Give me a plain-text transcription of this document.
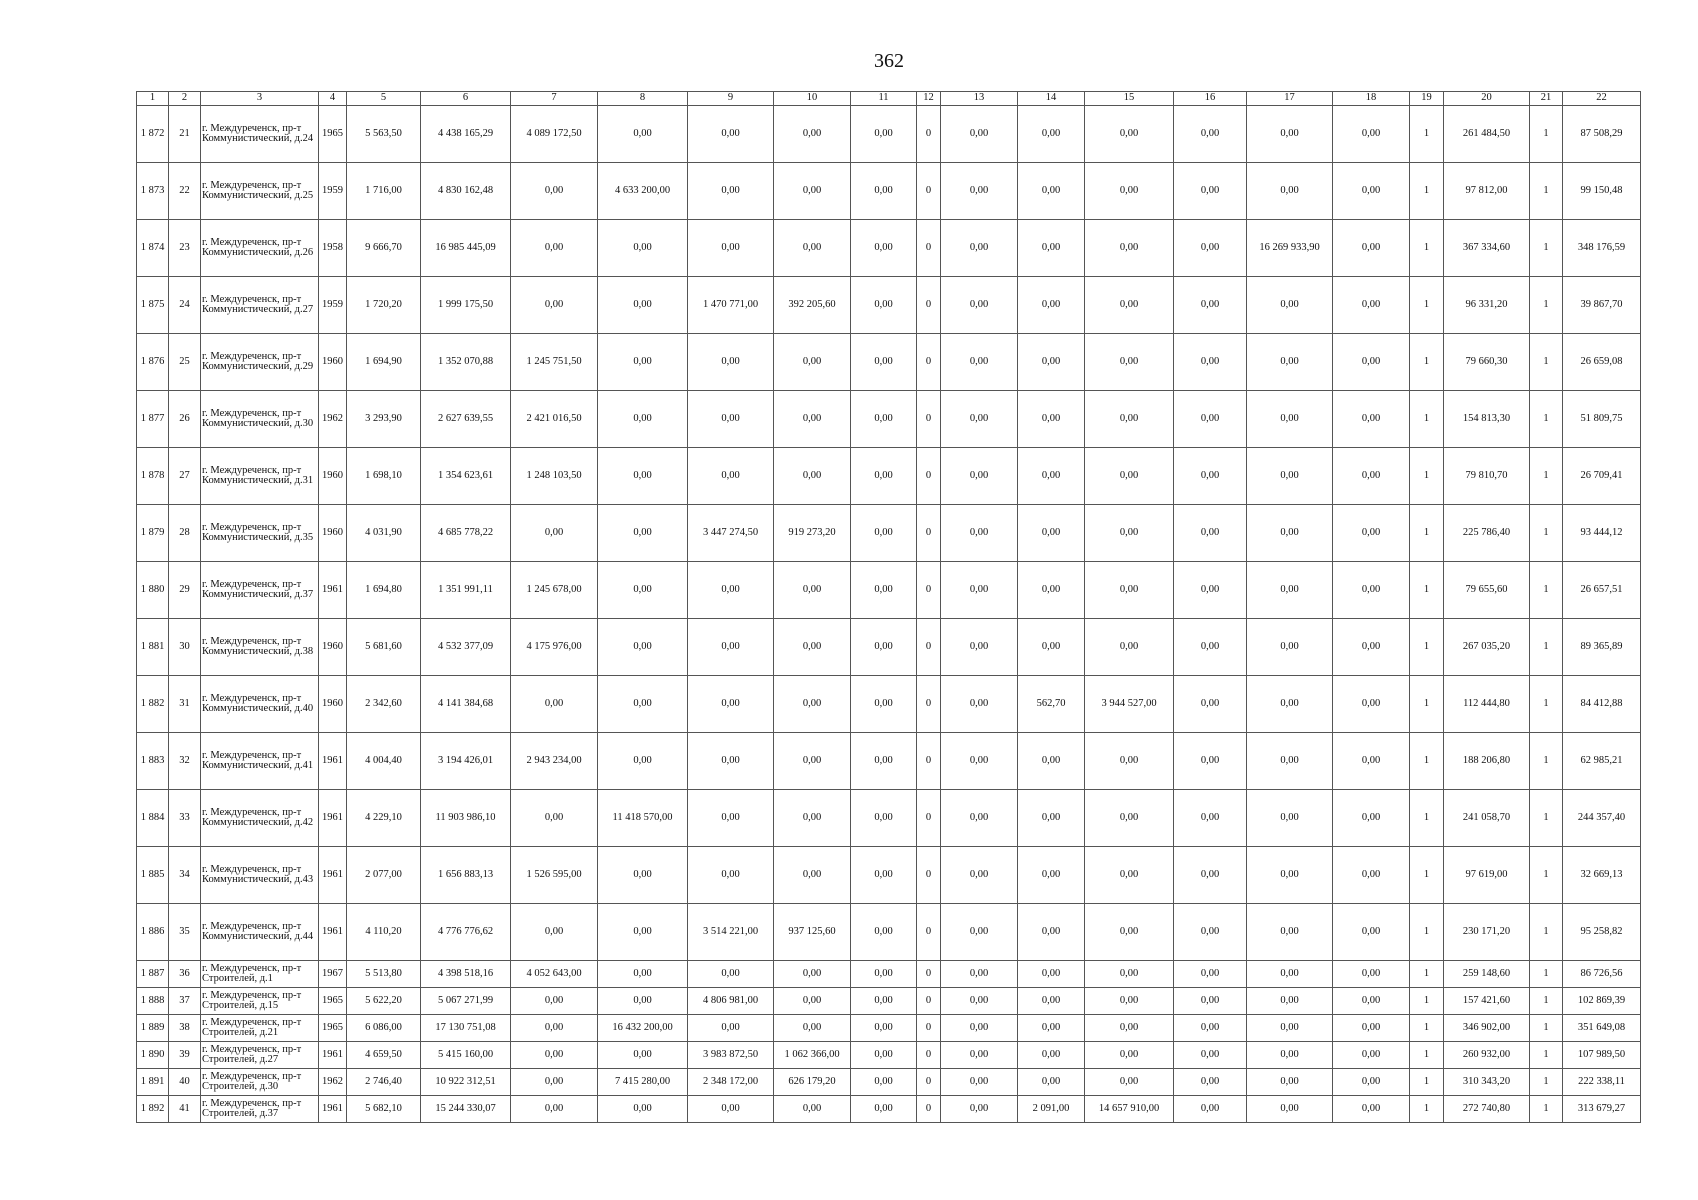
362
1	2	3	4	5	6	7	8	9	10	11	12	13	14	15	16	17	18	19	20	21	22
1 872	21	г. Междуреченск, пр-т Коммунистический, д.24	1965	5 563,50	4 438 165,29	4 089 172,50	0,00	0,00	0,00	0,00	0	0,00	0,00	0,00	0,00	0,00	0,00	1	261 484,50	1	87 508,29
1 873	22	г. Междуреченск, пр-т Коммунистический, д.25	1959	1 716,00	4 830 162,48	0,00	4 633 200,00	0,00	0,00	0,00	0	0,00	0,00	0,00	0,00	0,00	0,00	1	97 812,00	1	99 150,48
1 874	23	г. Междуреченск, пр-т Коммунистический, д.26	1958	9 666,70	16 985 445,09	0,00	0,00	0,00	0,00	0,00	0	0,00	0,00	0,00	0,00	16 269 933,90	0,00	1	367 334,60	1	348 176,59
1 875	24	г. Междуреченск, пр-т Коммунистический, д.27	1959	1 720,20	1 999 175,50	0,00	0,00	1 470 771,00	392 205,60	0,00	0	0,00	0,00	0,00	0,00	0,00	0,00	1	96 331,20	1	39 867,70
1 876	25	г. Междуреченск, пр-т Коммунистический, д.29	1960	1 694,90	1 352 070,88	1 245 751,50	0,00	0,00	0,00	0,00	0	0,00	0,00	0,00	0,00	0,00	0,00	1	79 660,30	1	26 659,08
1 877	26	г. Междуреченск, пр-т Коммунистический, д.30	1962	3 293,90	2 627 639,55	2 421 016,50	0,00	0,00	0,00	0,00	0	0,00	0,00	0,00	0,00	0,00	0,00	1	154 813,30	1	51 809,75
1 878	27	г. Междуреченск, пр-т Коммунистический, д.31	1960	1 698,10	1 354 623,61	1 248 103,50	0,00	0,00	0,00	0,00	0	0,00	0,00	0,00	0,00	0,00	0,00	1	79 810,70	1	26 709,41
1 879	28	г. Междуреченск, пр-т Коммунистический, д.35	1960	4 031,90	4 685 778,22	0,00	0,00	3 447 274,50	919 273,20	0,00	0	0,00	0,00	0,00	0,00	0,00	0,00	1	225 786,40	1	93 444,12
1 880	29	г. Междуреченск, пр-т Коммунистический, д.37	1961	1 694,80	1 351 991,11	1 245 678,00	0,00	0,00	0,00	0,00	0	0,00	0,00	0,00	0,00	0,00	0,00	1	79 655,60	1	26 657,51
1 881	30	г. Междуреченск, пр-т Коммунистический, д.38	1960	5 681,60	4 532 377,09	4 175 976,00	0,00	0,00	0,00	0,00	0	0,00	0,00	0,00	0,00	0,00	0,00	1	267 035,20	1	89 365,89
1 882	31	г. Междуреченск, пр-т Коммунистический, д.40	1960	2 342,60	4 141 384,68	0,00	0,00	0,00	0,00	0,00	0	0,00	562,70	3 944 527,00	0,00	0,00	0,00	1	112 444,80	1	84 412,88
1 883	32	г. Междуреченск, пр-т Коммунистический, д.41	1961	4 004,40	3 194 426,01	2 943 234,00	0,00	0,00	0,00	0,00	0	0,00	0,00	0,00	0,00	0,00	0,00	1	188 206,80	1	62 985,21
1 884	33	г. Междуреченск, пр-т Коммунистический, д.42	1961	4 229,10	11 903 986,10	0,00	11 418 570,00	0,00	0,00	0,00	0	0,00	0,00	0,00	0,00	0,00	0,00	1	241 058,70	1	244 357,40
1 885	34	г. Междуреченск, пр-т Коммунистический, д.43	1961	2 077,00	1 656 883,13	1 526 595,00	0,00	0,00	0,00	0,00	0	0,00	0,00	0,00	0,00	0,00	0,00	1	97 619,00	1	32 669,13
1 886	35	г. Междуреченск, пр-т Коммунистический, д.44	1961	4 110,20	4 776 776,62	0,00	0,00	3 514 221,00	937 125,60	0,00	0	0,00	0,00	0,00	0,00	0,00	0,00	1	230 171,20	1	95 258,82
1 887	36	г. Междуреченск, пр-т Строителей, д.1	1967	5 513,80	4 398 518,16	4 052 643,00	0,00	0,00	0,00	0,00	0	0,00	0,00	0,00	0,00	0,00	0,00	1	259 148,60	1	86 726,56
1 888	37	г. Междуреченск, пр-т Строителей, д.15	1965	5 622,20	5 067 271,99	0,00	0,00	4 806 981,00	0,00	0,00	0	0,00	0,00	0,00	0,00	0,00	0,00	1	157 421,60	1	102 869,39
1 889	38	г. Междуреченск, пр-т Строителей, д.21	1965	6 086,00	17 130 751,08	0,00	16 432 200,00	0,00	0,00	0,00	0	0,00	0,00	0,00	0,00	0,00	0,00	1	346 902,00	1	351 649,08
1 890	39	г. Междуреченск, пр-т Строителей, д.27	1961	4 659,50	5 415 160,00	0,00	0,00	3 983 872,50	1 062 366,00	0,00	0	0,00	0,00	0,00	0,00	0,00	0,00	1	260 932,00	1	107 989,50
1 891	40	г. Междуреченск, пр-т Строителей, д.30	1962	2 746,40	10 922 312,51	0,00	7 415 280,00	2 348 172,00	626 179,20	0,00	0	0,00	0,00	0,00	0,00	0,00	0,00	1	310 343,20	1	222 338,11
1 892	41	г. Междуреченск, пр-т Строителей, д.37	1961	5 682,10	15 244 330,07	0,00	0,00	0,00	0,00	0,00	0	0,00	2 091,00	14 657 910,00	0,00	0,00	0,00	1	272 740,80	1	313 679,27
